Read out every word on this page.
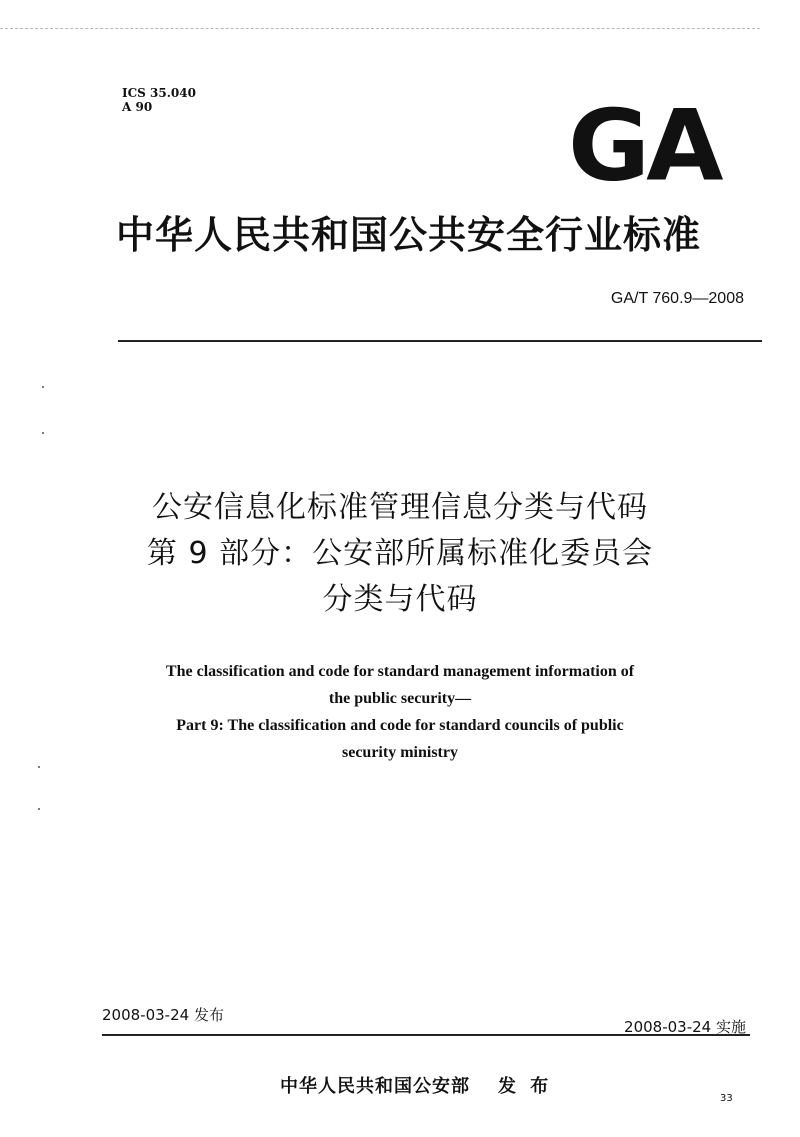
ICS 35.040
A 90	GA
中华人民共和国公共安全行业标准
GA/T 760.9—2008
公安信息化标准管理信息分类与代码
第 9 部分：公安部所属标准化委员会
分类与代码
The classification and code for standard management information of
the public security—
Part 9: The classification and code for standard councils of public
security ministry
2008-03-24 发布
2008-03-24 实施
中华人民共和国公安部 发 布
33
